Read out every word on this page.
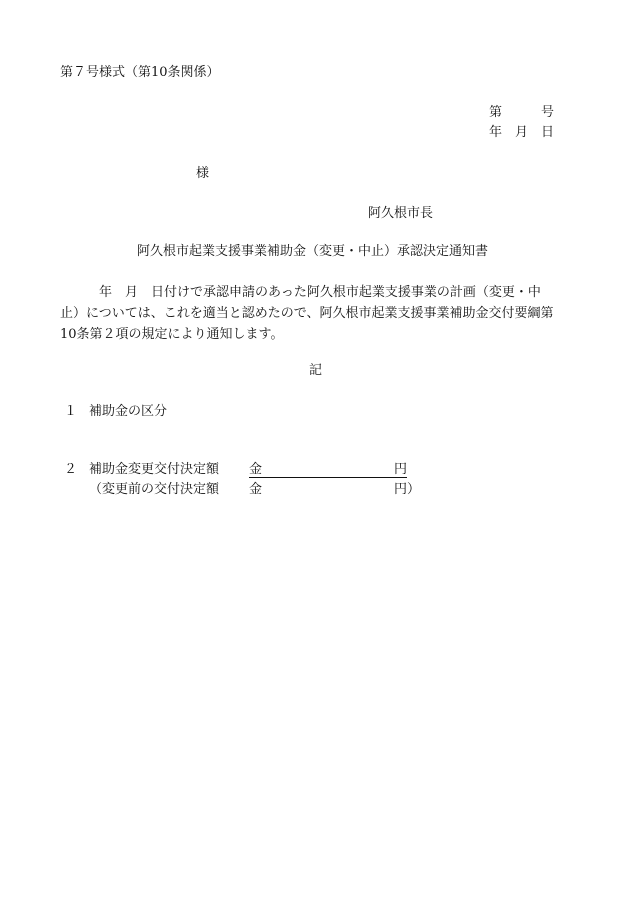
第７号様式（第10条関係）
第	号
年 月 日
様
阿久根市長
阿久根市起業支援事業補助金（変更・中止）承認決定通知書
　　　年　月　日付けで承認申請のあった阿久根市起業支援事業の計画（変更・中
止）については、これを適当と認めたので、阿久根市起業支援事業補助金交付要綱第
10条第２項の規定により通知します。
記
１ 補助金の区分
２ 補助金変更交付決定額 金	円
（変更前の交付決定額 金	円）
